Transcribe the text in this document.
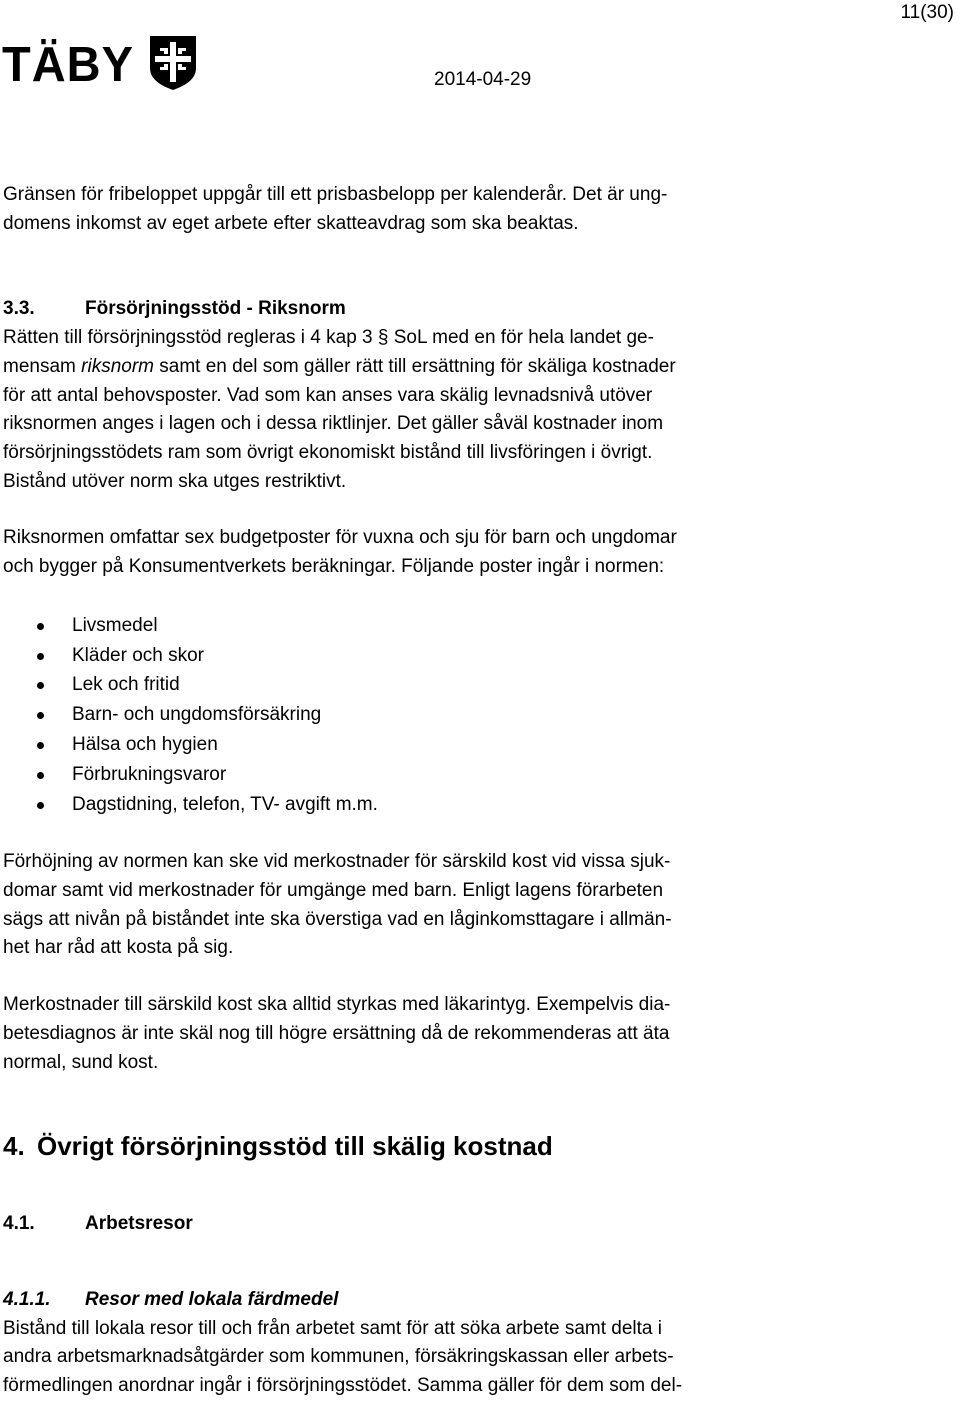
11(30)
TÄBY	2014-04-29

Gränsen för fribeloppet uppgår till ett prisbasbelopp per kalenderår. Det är ung-
domens inkomst av eget arbete efter skatteavdrag som ska beaktas.

3.3.	Försörjningsstöd - Riksnorm

Rätten till försörjningsstöd regleras i 4 kap 3 § SoL med en för hela landet ge-
mensam riksnorm samt en del som gäller rätt till ersättning för skäliga kostnader
för att antal behovsposter. Vad som kan anses vara skälig levnadsnivå utöver
riksnormen anges i lagen och i dessa riktlinjer. Det gäller såväl kostnader inom
försörjningsstödets ram som övrigt ekonomiskt bistånd till livsföringen i övrigt.
Bistånd utöver norm ska utges restriktivt.

Riksnormen omfattar sex budgetposter för vuxna och sju för barn och ungdomar
och bygger på Konsumentverkets beräkningar. Följande poster ingår i normen:

Livsmedel
Kläder och skor
Lek och fritid
Barn- och ungdomsförsäkring
Hälsa och hygien
Förbrukningsvaror
Dagstidning, telefon, TV- avgift m.m.

Förhöjning av normen kan ske vid merkostnader för särskild kost vid vissa sjuk-
domar samt vid merkostnader för umgänge med barn. Enligt lagens förarbeten
sägs att nivån på biståndet inte ska överstiga vad en låginkomsttagare i allmän-
het har råd att kosta på sig.

Merkostnader till särskild kost ska alltid styrkas med läkarintyg. Exempelvis dia-
betesdiagnos är inte skäl nog till högre ersättning då de rekommenderas att äta
normal, sund kost.

4. Övrigt försörjningsstöd till skälig kostnad
4.1.	Arbetsresor
4.1.1.	Resor med lokala färdmedel

Bistånd till lokala resor till och från arbetet samt för att söka arbete samt delta i
andra arbetsmarknadsåtgärder som kommunen, försäkringskassan eller arbets-
förmedlingen anordnar ingår i försörjningsstödet. Samma gäller för dem som del-
